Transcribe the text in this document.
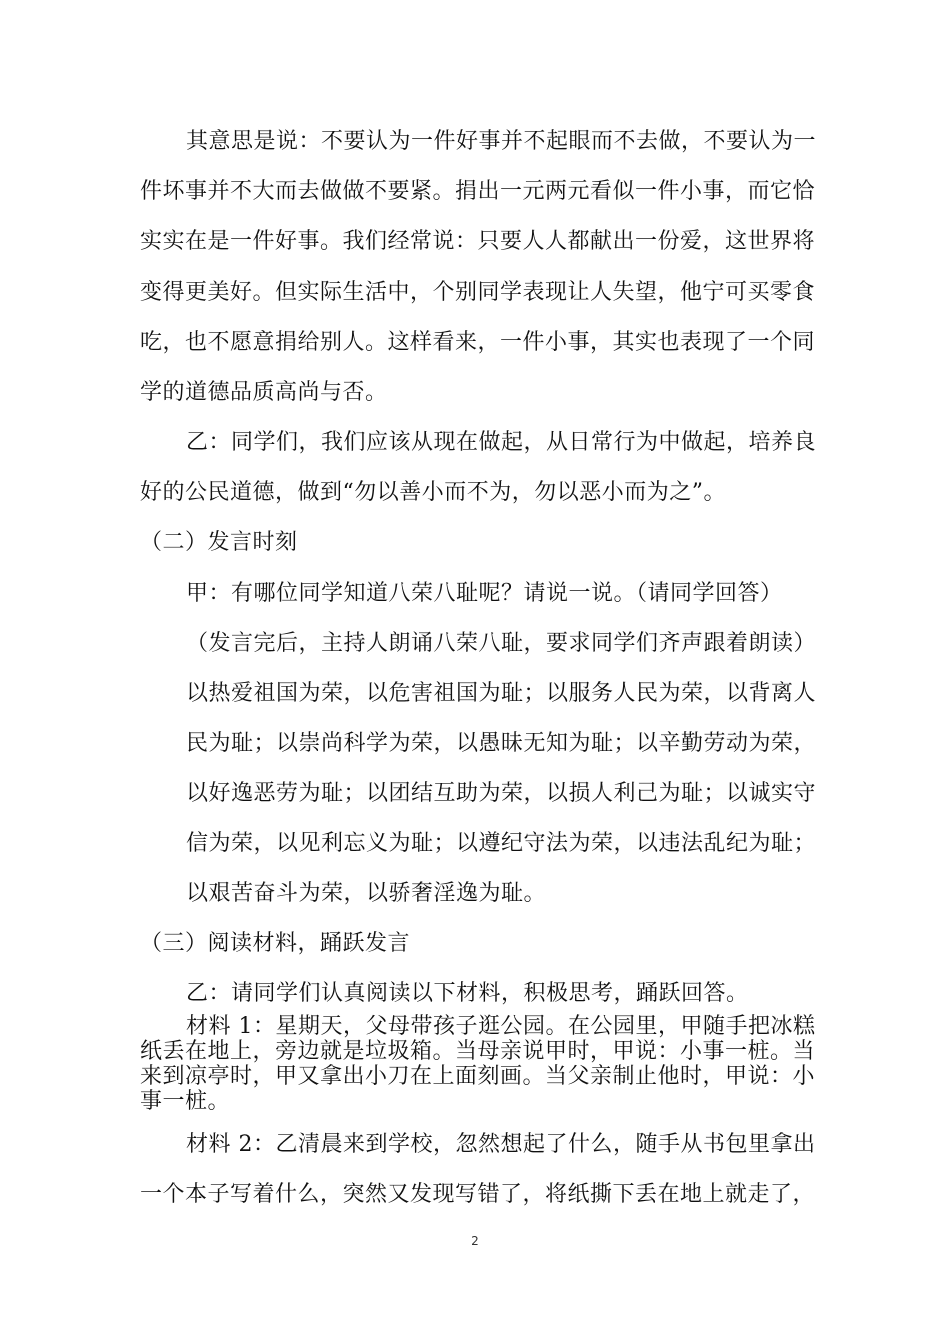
其意思是说：不要认为一件好事并不起眼而不去做，不要认为一
件坏事并不大而去做做不要紧。捐出一元两元看似一件小事，而它恰
实实在是一件好事。我们经常说：只要人人都献出一份爱，这世界将
变得更美好。但实际生活中，个别同学表现让人失望，他宁可买零食
吃，也不愿意捐给别人。这样看来，一件小事，其实也表现了一个同
学的道德品质高尚与否。
乙：同学们，我们应该从现在做起，从日常行为中做起，培养良
好的公民道德，做到“勿以善小而不为，勿以恶小而为之”。
（二）发言时刻
甲：有哪位同学知道八荣八耻呢？请说一说。（请同学回答）
（发言完后，主持人朗诵八荣八耻，要求同学们齐声跟着朗读）
以热爱祖国为荣，以危害祖国为耻；以服务人民为荣，以背离人
民为耻；以崇尚科学为荣，以愚昧无知为耻；以辛勤劳动为荣，
以好逸恶劳为耻；以团结互助为荣，以损人利己为耻；以诚实守
信为荣，以见利忘义为耻；以遵纪守法为荣，以违法乱纪为耻；
以艰苦奋斗为荣，以骄奢淫逸为耻。
（三）阅读材料，踊跃发言
乙：请同学们认真阅读以下材料，积极思考，踊跃回答。
材料 1：星期天，父母带孩子逛公园。在公园里，甲随手把冰糕
纸丢在地上，旁边就是垃圾箱。当母亲说甲时，甲说：小事一桩。当
来到凉亭时，甲又拿出小刀在上面刻画。当父亲制止他时，甲说：小
事一桩。
材料 2：乙清晨来到学校，忽然想起了什么，随手从书包里拿出
一个本子写着什么，突然又发现写错了，将纸撕下丢在地上就走了，
2
